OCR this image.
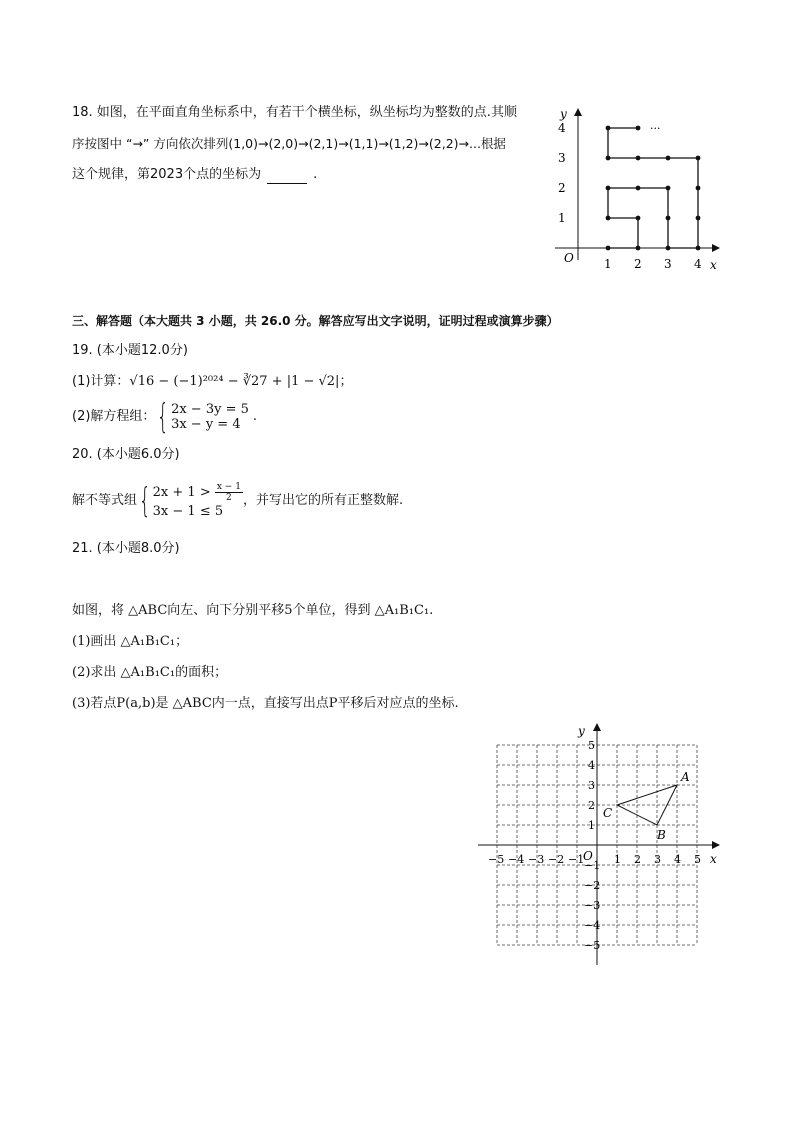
18. 如图，在平面直角坐标系中，有若干个横坐标，纵坐标均为整数的点.其顺
序按图中 “→” 方向依次排列(1,0)→(2,0)→(2,1)→(1,1)→(1,2)→(2,2)→...根据
这个规律，第2023个点的坐标为	.
y
x
O
···
1 2 3 4
1
2
3
4
三、解答题（本大题共 3 小题，共 26.0 分。解答应写出文字说明，证明过程或演算步骤）
19. (本小题12.0分)
(1)计算：√16 − (−1)²⁰²⁴ − ∛27 + |1 − √2|；
(2)解方程组：{ 2x − 3y = 5
3x − y = 4.
20. (本小题6.0分)
解不等式组{ $2x + 1 > \frac{x - 1}{2}$

3x − 1 ≤ 5，并写出它的所有正整数解.
21. (本小题8.0分)
如图，将 △ABC向左、向下分别平移5个单位，得到 △A₁B₁C₁.
(1)画出 △A₁B₁C₁；
(2)求出 △A₁B₁C₁的面积；
(3)若点P(a,b)是 △ABC内一点，直接写出点P平移后对应点的坐标.
−5 −4 −3 −2 −1	1 2 3 4 5
−5
−4
−3
−2
−1
1
2
3
4
5
A
B
C
y
x
O
